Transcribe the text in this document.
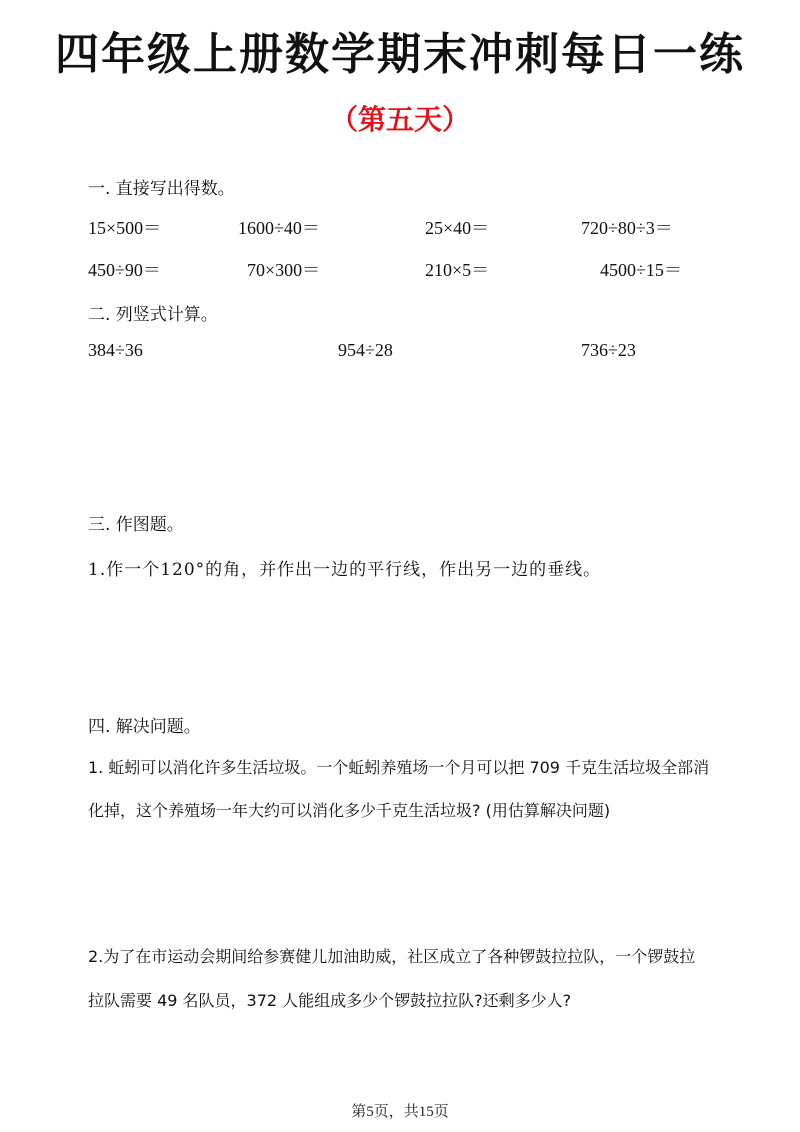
四年级上册数学期末冲刺每日一练
（第五天）
一. 直接写出得数。
15×500＝	1600÷40＝	25×40＝	720÷80÷3＝
450÷90＝	70×300＝	210×5＝	4500÷15＝
二. 列竖式计算。
384÷36	954÷28	736÷23
三. 作图题。
1.作一个120°的角，并作出一边的平行线，作出另一边的垂线。
四. 解决问题。
1. 蚯蚓可以消化许多生活垃圾。一个蚯蚓养殖场一个月可以把 709 千克生活垃圾全部消
化掉，这个养殖场一年大约可以消化多少千克生活垃圾? (用估算解决问题)
2.为了在市运动会期间给参赛健儿加油助威，社区成立了各种锣鼓拉拉队，一个锣鼓拉
拉队需要 49 名队员，372 人能组成多少个锣鼓拉拉队?还剩多少人?
第5页，共15页
